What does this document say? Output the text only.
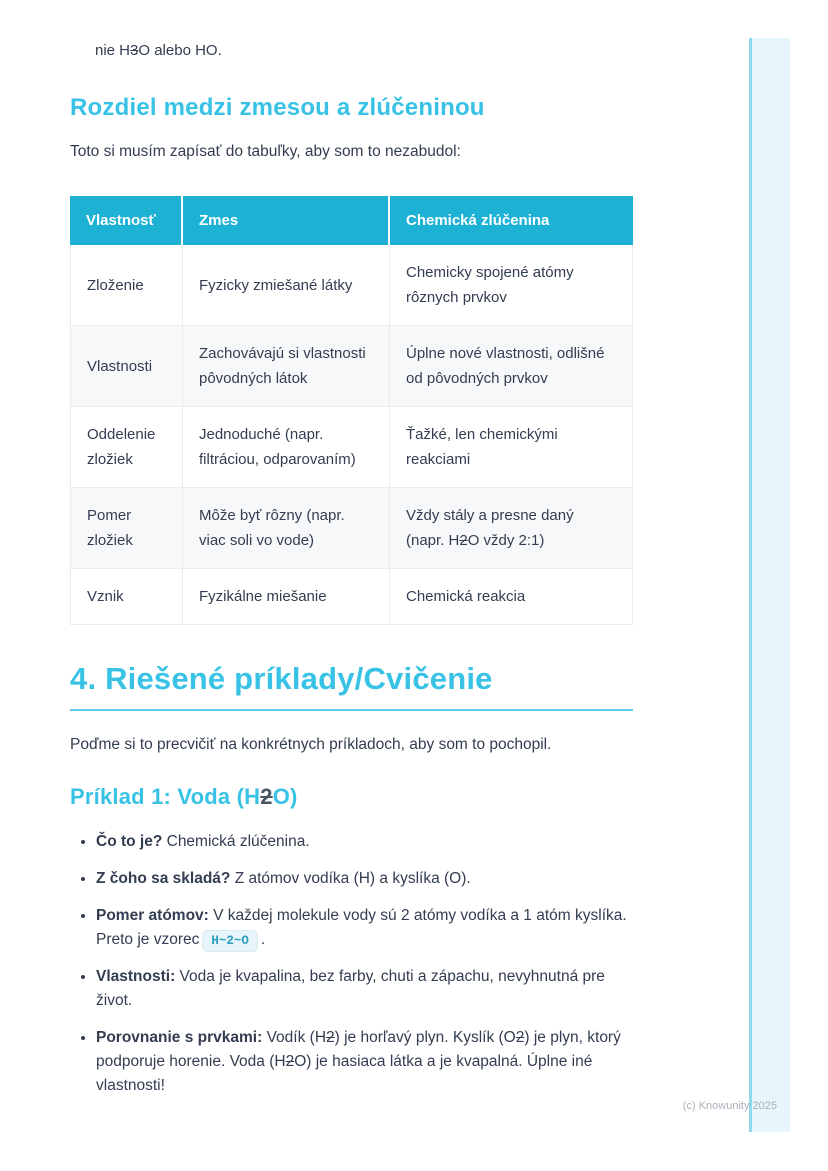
nie H3O alebo HO.

Rozdiel medzi zmesou a zlúčeninou

Toto si musím zapísať do tabuľky, aby som to nezabudol:

Vlastnosť	Zmes	Chemická zlúčenina
Zloženie	Fyzicky zmiešané látky	Chemicky spojené atómy rôznych prvkov
Vlastnosti	Zachovávajú si vlastnosti pôvodných látok	Úplne nové vlastnosti, odlišné od pôvodných prvkov
Oddelenie zložiek	Jednoduché (napr. filtráciou, odparovaním)	Ťažké, len chemickými reakciami
Pomer zložiek	Môže byť rôzny (napr. viac soli vo vode)	Vždy stály a presne daný (napr. H2O vždy 2:1)
Vznik	Fyzikálne miešanie	Chemická reakcia
4. Riešené príklady/Cvičenie

Poďme si to precvičiť na konkrétnych príkladoch, aby som to pochopil.

Príklad 1: Voda (H2O)
• Čo to je? Chemická zlúčenina.
• Z čoho sa skladá? Z atómov vodíka (H) a kyslíka (O).
• Pomer atómov: V každej molekule vody sú 2 atómy vodíka a 1 atóm kyslíka. Preto je vzorec H~2~O .
• Vlastnosti: Voda je kvapalina, bez farby, chuti a zápachu, nevyhnutná pre život.
• Porovnanie s prvkami: Vodík (H2) je horľavý plyn. Kyslík (O2) je plyn, ktorý podporuje horenie. Voda (H2O) je hasiaca látka a je kvapalná. Úplne iné vlastnosti!
(c) Knowunity 2025
